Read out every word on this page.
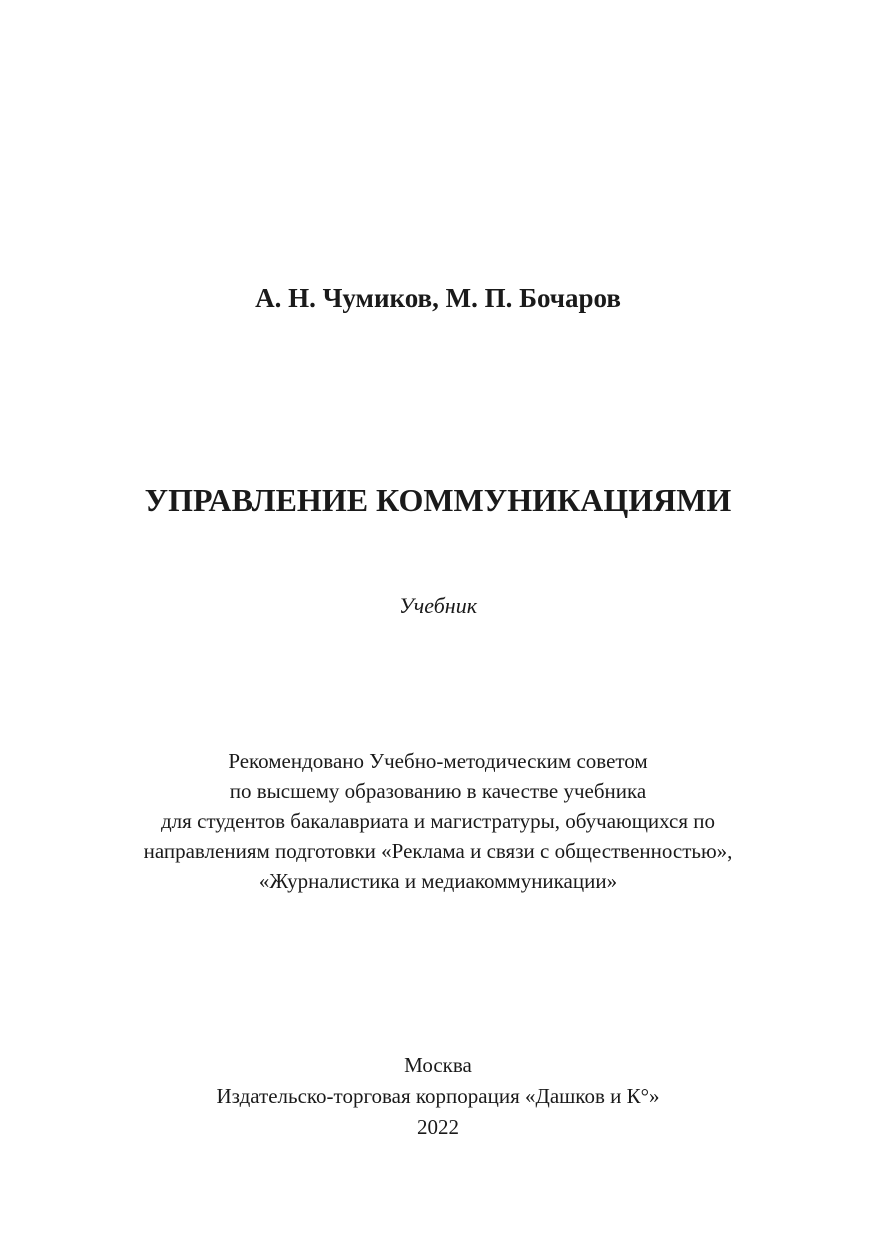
А. Н. Чумиков, М. П. Бочаров
УПРАВЛЕНИЕ КОММУНИКАЦИЯМИ
Учебник
Рекомендовано Учебно-методическим советом
по высшему образованию в качестве учебника
для студентов бакалавриата и магистратуры, обучающихся по
направлениям подготовки «Реклама и связи с общественностью»,
«Журналистика и медиакоммуникации»
Москва
Издательско-торговая корпорация «Дашков и К°»
2022
